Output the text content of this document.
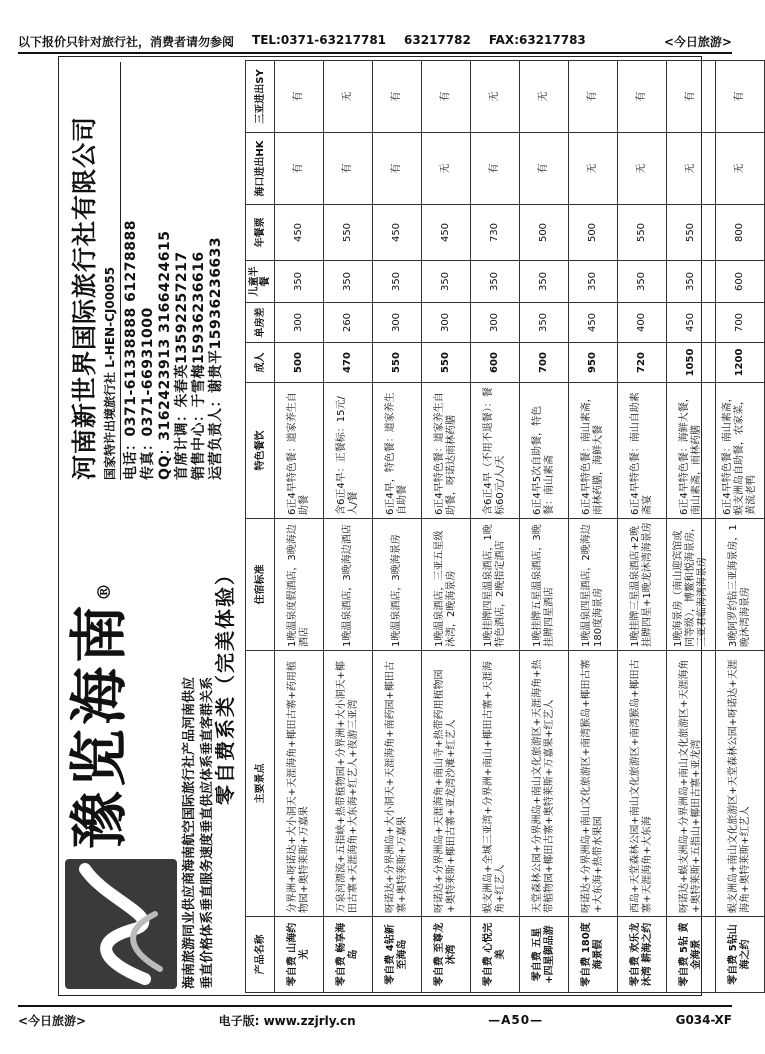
以下报价只针对旅行社，消费者请勿参阅 TEL:0371-63217781 63217782 FAX:63217783	<今日旅游>
豫览海南®
海南旅游同业供应商海南航空国际旅行社产品河南供应 垂直价格体系垂直服务速度垂直供应体系垂直客群关系
河南新世界国际旅行社有限公司 国家特许出境旅行社 L-HEN-CJ00055 电话：0371-61338888 61278888 传真：0371-66931000 QQ：3162423913 3166424615 首席计调：朱春英13592257217 销售中心：于雪梅15936236616 运营负责人：谢贵平15936236633
零自费系类（完美体验）
产品名称	主要景点	住宿标准	特色餐饮	成人	单房差	儿童半餐	年餐票	海口进出HK	三亚进出SY
零自费 山海约光	分界洲+呀诺达+大小洞天+天涯海角+椰田古寨+药用植物园+奥特莱斯+万嘉果	1晚温泉度假酒店，3晚海边酒店	6正4早特色餐：道家养生自助餐	500	300	350	450	有	有
零自费 畅享海岛	万泉河漂流+五指峡+热带植物园+分界洲+大小洞天+椰田古寨+天涯海角+大东海+红艺人+夜游三亚湾	1晚温泉酒店，3晚海边酒店	含6正4早：正餐标：15元/人/餐	470	260	350	550	有	无
零自费 4钻新至海岛	呀诺达+分界洲岛+大小洞天+天涯海角+南药园+椰田古寨+奥特莱斯+万嘉果	1晚温泉酒店，3晚海景房	6正4早，特色餐：道家养生自助餐	550	300	350	450	有	有
零自费 至尊龙沐湾	呀诺达+分界洲岛+天涯海角+南山寺+热带药用植物园+奥特莱斯+椰田古寨+亚龙湾沙滩+红艺人	1晚温泉酒店，三亚五星级沐湾，2晚海景房	6正4早特色餐：道家养生自助餐，呀诺达雨林药膳	550	300	350	450	无	有
零自费 心悦完美	蜈支洲岛+全城三亚湾+分界洲+南山+椰田古寨+天涯海角+红艺人	1晚挂牌四星温泉酒店，1晚特色酒店，2晚指定酒店	含6正4早（不用不退餐）：餐标60元/人/天	600	300	350	730	有	无
零自费 五星+四星御品游	天堂森林公园+分界洲岛+南山文化旅游区+天涯海角+热带植物园+椰田古寨+奥特莱斯+万嘉果+红艺人	1晚挂牌五星温泉酒店，3晚挂牌四星酒店	6正4早5次自助餐，特色餐：南山素斋	700	350	350	500	有	无
零自费 180度海景假	呀诺达+分界洲岛+南山文化旅游区+南湾猴岛+椰田古寨+大东海+热带水果园	1晚温泉四星酒店，2晚海边180度海景房	6正4早特色餐：南山素斋，雨林药膳，海鲜大餐	950	450	350	500	无	有
零自费 欢乐龙沐湾 耕海之约	西岛+天堂森林公园+南山文化旅游区+南湾猴岛+椰田古寨+天涯海角+大东海	1晚挂牌三星温泉酒店+2晚挂牌四星+1晚龙沐湾海景房	6正4早特色餐：南山自助素斋宴	720	400	350	550	无	有
零自费 5钻 黄金海景	呀诺达+蜈支洲岛+分界洲岛+南山文化旅游区+天涯海角+奥特莱斯+五指山+椰田古寨+亚龙湾	1晚海景房（南山迎宾馆或同等级），博鳌和悦海景房，三亚君临海湾海景房	6正4早特色餐：海鲜大餐，南山素斋，雨林药膳	1050	450	350	550	无	有
零自费 5钻山海之约	蜈支洲岛+南山文化旅游区+天堂森林公园+呀诺达+天涯海角+奥特莱斯+红艺人	3晚阿罗约钻三亚海景房，1晚沐湾海景房	6正4早特色餐：南山素斋，蜈支洲岛自助餐，农家菜，黄流老鸭	1200	700	600	800	无	有
<今日旅游>	电子版: www.zzjrly.cn	—A50—	G034-XF
